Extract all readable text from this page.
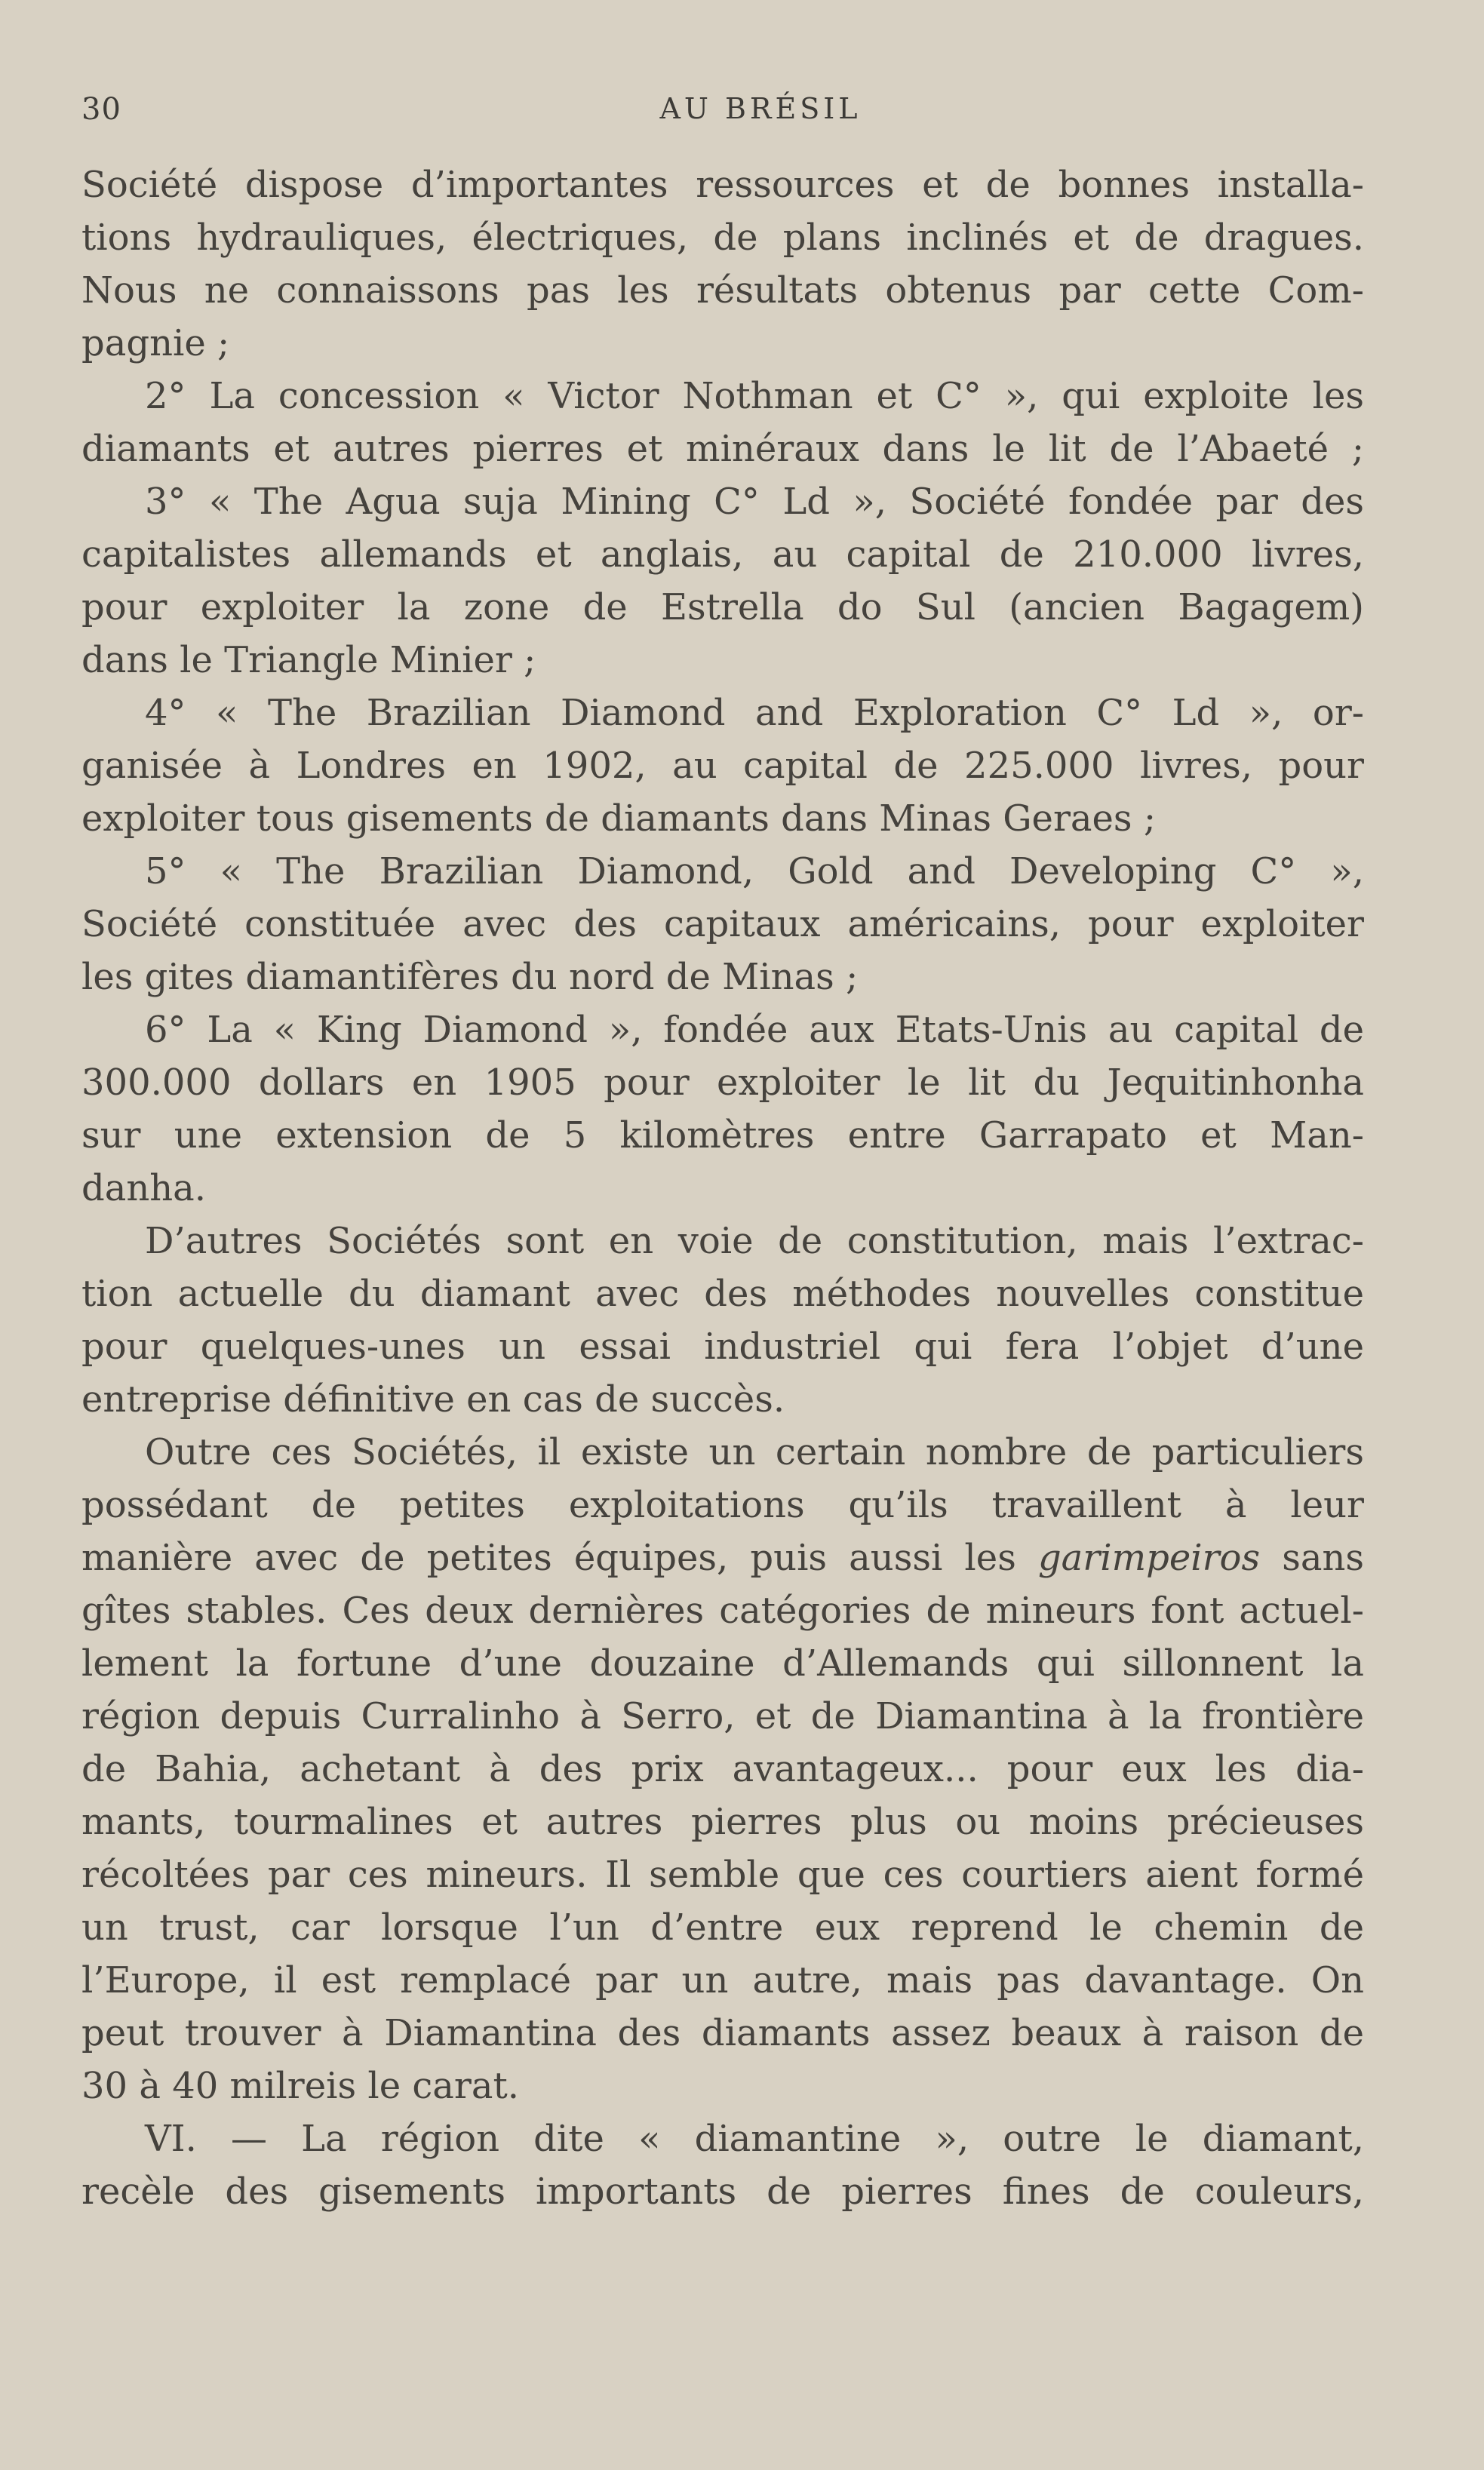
30	AU BRÉSIL
Société dispose d’importantes ressources et de bonnes installa-
tions hydrauliques, électriques, de plans inclinés et de dragues.
Nous ne connaissons pas les résultats obtenus par cette Com-
pagnie ;
2° La concession « Victor Nothman et C° », qui exploite les
diamants et autres pierres et minéraux dans le lit de l’Abaeté ;
3° « The Agua suja Mining C° Ld », Société fondée par des
capitalistes allemands et anglais, au capital de 210.000 livres,
pour exploiter la zone de Estrella do Sul (ancien Bagagem)
dans le Triangle Minier ;
4° « The Brazilian Diamond and Exploration C° Ld », or-
ganisée à Londres en 1902, au capital de 225.000 livres, pour
exploiter tous gisements de diamants dans Minas Geraes ;
5° « The Brazilian Diamond, Gold and Developing C° »,
Société constituée avec des capitaux américains, pour exploiter
les gites diamantifères du nord de Minas ;
6° La « King Diamond », fondée aux Etats-Unis au capital de
300.000 dollars en 1905 pour exploiter le lit du Jequitinhonha
sur une extension de 5 kilomètres entre Garrapato et Man-
danha.
D’autres Sociétés sont en voie de constitution, mais l’extrac-
tion actuelle du diamant avec des méthodes nouvelles constitue
pour quelques-unes un essai industriel qui fera l’objet d’une
entreprise définitive en cas de succès.
Outre ces Sociétés, il existe un certain nombre de particuliers
possédant de petites exploitations qu’ils travaillent à leur
manière avec de petites équipes, puis aussi les garimpeiros sans
gîtes stables. Ces deux dernières catégories de mineurs font actuel-
lement la fortune d’une douzaine d’Allemands qui sillonnent la
région depuis Curralinho à Serro, et de Diamantina à la frontière
de Bahia, achetant à des prix avantageux... pour eux les dia-
mants, tourmalines et autres pierres plus ou moins précieuses
récoltées par ces mineurs. Il semble que ces courtiers aient formé
un trust, car lorsque l’un d’entre eux reprend le chemin de
l’Europe, il est remplacé par un autre, mais pas davantage. On
peut trouver à Diamantina des diamants assez beaux à raison de
30 à 40 milreis le carat.
VI. — La région dite « diamantine », outre le diamant,
recèle des gisements importants de pierres fines de couleurs,
